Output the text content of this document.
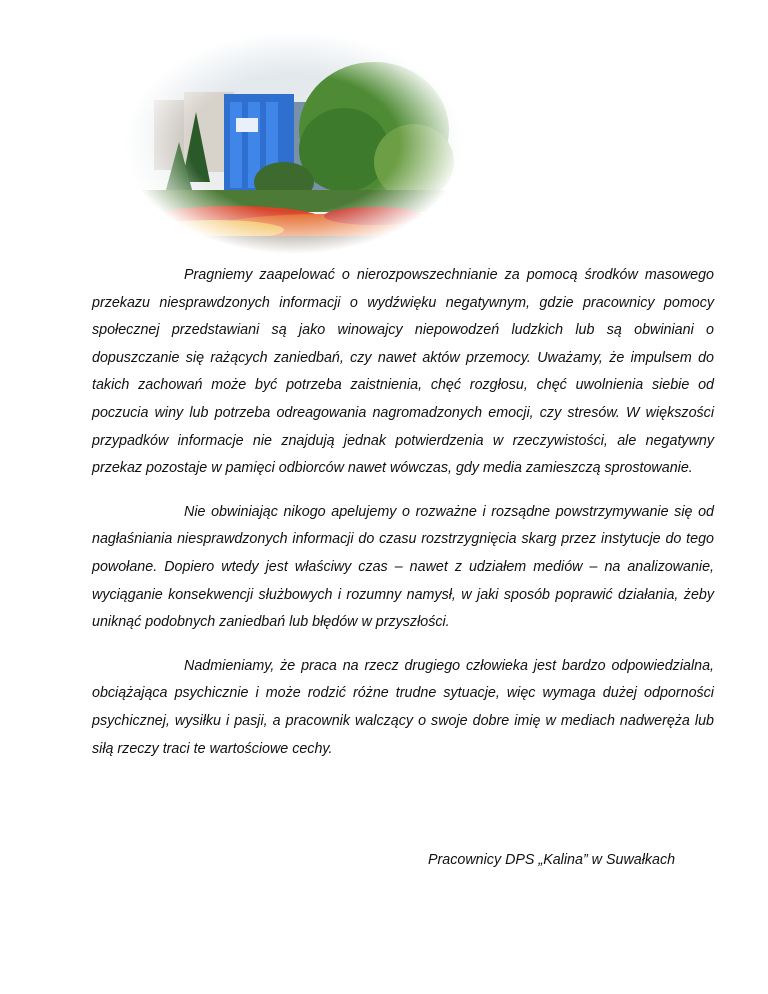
Pragniemy zaapelować o nierozpowszechnianie za pomocą środków masowego przekazu niesprawdzonych informacji o wydźwięku negatywnym, gdzie pracownicy pomocy społecznej przedstawiani są jako winowajcy niepowodzeń ludzkich lub są obwiniani o dopuszczanie się rażących zaniedbań, czy nawet aktów przemocy. Uważamy, że impulsem do takich zachowań może być potrzeba zaistnienia, chęć rozgłosu, chęć uwolnienia siebie od poczucia winy lub potrzeba odreagowania nagromadzonych emocji, czy stresów. W większości przypadków informacje nie znajdują jednak potwierdzenia w rzeczywistości, ale negatywny przekaz pozostaje w pamięci odbiorców nawet wówczas, gdy media zamieszczą sprostowanie.

Nie obwiniając nikogo apelujemy o rozważne i rozsądne powstrzymywanie się od nagłaśniania niesprawdzonych informacji do czasu rozstrzygnięcia skarg przez instytucje do tego powołane. Dopiero wtedy jest właściwy czas – nawet z udziałem mediów – na analizowanie, wyciąganie konsekwencji służbowych i rozumny namysł, w jaki sposób poprawić działania, żeby uniknąć podobnych zaniedbań lub błędów w przyszłości.

Nadmieniamy, że praca na rzecz drugiego człowieka jest bardzo odpowiedzialna, obciążająca psychicznie i może rodzić różne trudne sytuacje, więc wymaga dużej odporności psychicznej, wysiłku i pasji, a pracownik walczący o swoje dobre imię w mediach nadweręża lub siłą rzeczy traci te wartościowe cechy.

Pracownicy DPS „Kalina” w Suwałkach
